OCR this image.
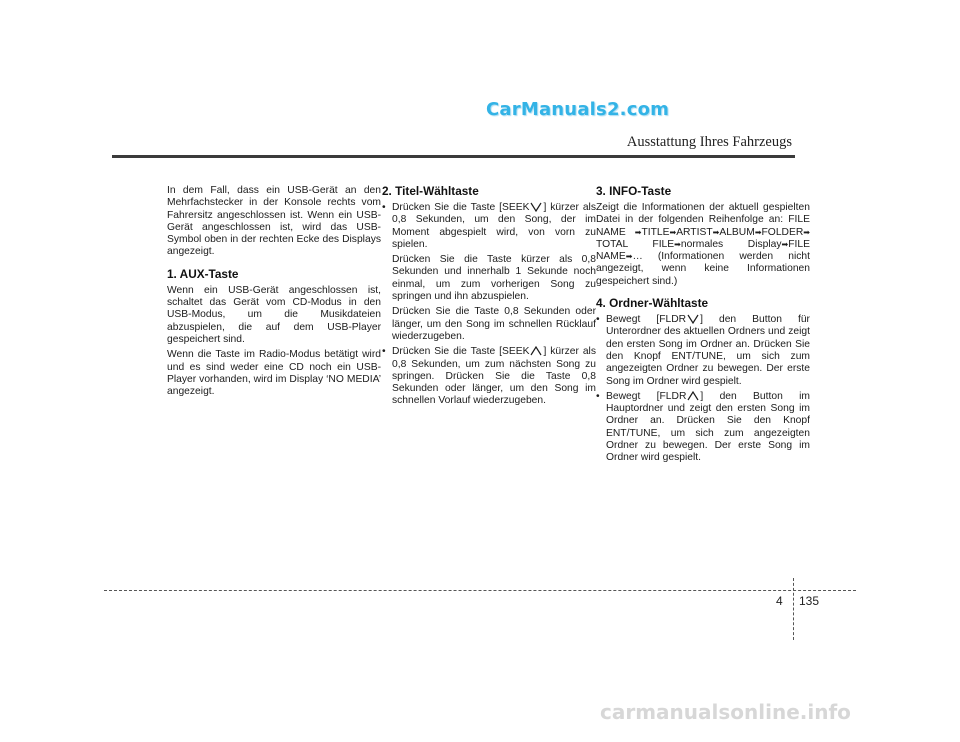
CarManuals2.com
Ausstattung Ihres Fahrzeugs

In dem Fall, dass ein USB-Gerät an den Mehrfachstecker in der Konsole rechts vom Fahrersitz angeschlossen ist. Wenn ein USB-Gerät angeschlossen ist, wird das USB-Symbol oben in der rechten Ecke des Displays angezeigt.

1. AUX-Taste

Wenn ein USB-Gerät angeschlossen ist, schaltet das Gerät vom CD-Modus in den USB-Modus, um die Musikdateien abzuspielen, die auf dem USB-Player gespeichert sind.

Wenn die Taste im Radio-Modus betätigt wird und es sind weder eine CD noch ein USB-Player vorhanden, wird im Display ‘NO MEDIA’ angezeigt.

2. Titel-Wähltaste

• Drücken Sie die Taste [SEEK ] kürzer als 0,8 Sekunden, um den Song, der im Moment abgespielt wird, von vorn zu spielen.

Drücken Sie die Taste kürzer als 0,8 Sekunden und innerhalb 1 Sekunde noch einmal, um zum vorherigen Song zu springen und ihn abzuspielen.

Drücken Sie die Taste 0,8 Sekunden oder länger, um den Song im schnellen Rücklauf wiederzugeben.

• Drücken Sie die Taste [SEEK ] kürzer als 0,8 Sekunden, um zum nächsten Song zu springen. Drücken Sie die Taste 0,8 Sekunden oder länger, um den Song im schnellen Vorlauf wiederzugeben.

3. INFO-Taste

Zeigt die Informationen der aktuell gespielten Datei in der folgenden Reihenfolge an: FILE NAME ➡TITLE➡ARTIST➡ALBUM➡FOLDER➡ TOTAL FILE➡normales Display➡FILE NAME➡… (Informationen werden nicht angezeigt, wenn keine Informationen gespeichert sind.)

4. Ordner-Wähltaste

• Bewegt [FLDR ] den Button für Unterordner des aktuellen Ordners und zeigt den ersten Song im Ordner an. Drücken Sie den Knopf ENT/TUNE, um sich zum angezeigten Ordner zu bewegen. Der erste Song im Ordner wird gespielt.

• Bewegt [FLDR ] den Button im Hauptordner und zeigt den ersten Song im Ordner an. Drücken Sie den Knopf ENT/TUNE, um sich zum angezeigten Ordner zu bewegen. Der erste Song im Ordner wird gespielt.

4 135
carmanualsonline.info
